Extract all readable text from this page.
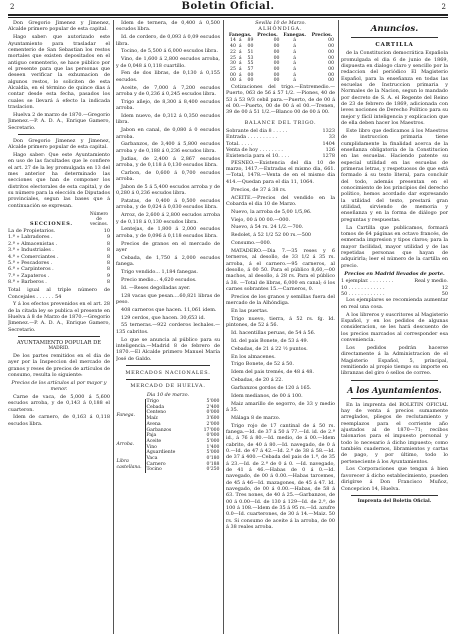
2	Boletin Oficial.	2

Don Gregorio Jimenez y Jimenez, Alcalde primero popular de esta capital.

Hago saber: que autorizado este Ayuntamiento para trasladar el cementerio de San Sebastian los restos mortales que existen depositados en el antiguo cementerio, se hace público por el presente para que las personas que deseen verificar la exhumacion de algunos restos, lo soliciten de esta Alcaldía, en el término de quince dias á contar desde esta fecha, pasados los cuales se llevará á efecto la indicada traslacion.

Huelva 2 de marzo de 1870.—Gregorio Jimenez.—P. A. D. A., Enrique Gamero, Secretario.

Don Gregorio Jimenez y Jimenez, Alcalde primero popular de esta capital.

Hago saber: Que este Ayuntamiento en uso de las facultades que le confiere el art. 27 de la ley promulgada en 13 del mes anterior ha determinado las secciones que han de componer los distritos electorales de esta capital, y de su número para la elección de Diputados provinciales, segun las bases que á continuación se expresan.

SECCIONES.
Número de vecinos.
La de Propietarios.	10
1.ª » Labradores .	9
2.ª » Almacenistas .	8
3.ª » Industriales .	8
4.ª » Comerciantes .	8
5.ª » Pescadores .	8
6.ª » Carpinteros .	8
7.ª » Zapateros .	9
8.ª » Barberos .	8

Total igual al triple número de Concejales . . . . . . 54

Y á los efectos prevenidos en el art. 28 de la citada ley se publica el presente en Huelva á 8 de Marzo de 1870.—Gregorio Jimenez.—P. A. D. A., Enrique Gamero, Secretario.

AYUNTAMIENTO POPULAR DE
MADRID.

De los partes remitidos en el dia de ayer por la Inspeccion del mercado de granos y reses de precios de artículos de consumo, resulta lo siguiente:

Precios de los artículos al por mayor y menor.

Carne de vaca, de 5,000 á 5,600 escudos arroba, y de 0,143 á 0,188 el cuarteron.

Idem de carnero, de 0,163 á 0,118 escudos libra.

Idem de ternera, de 0,400 á 0,500 escudos libra.

Id. de cordero, de 0,093 á 0,09 escudos libra.

Tocino, de 5,500 á 6,000 escudos libra.

Vino, de 1,600 á 2,800 escudos arroba, y de 0,048 á 0,118 cuartillo.

Fen de dos libras, de 0,130 á 0,155 escudos.

Aceite, de 7,000 á 7,200 escudos arroba y de 0,236 á 0,245 escudos libra.

Trigo añejo, de 8,300 á 8,400 escudos arroba.

Idem nuevo, de 0,312 á 0,350 escudos libra.

Jabon en canal, de 0,080 á 0 escudos arroba.

Garbanzos, de 3,400 á 5,800 escudos arroba y de 0,188 á 0,236 escudos libra.

Judias, de 2,400 á 2,867 escudos arroba, y de 0,118 á 0,130 escudos libra.

Carbon, de 0,600 á 0,700 escudos arroba.

Jabon de 5 á 5,400 escudos arroba y de 0,280 á 0,236 escudos libra.

Patatas, de 0,400 á 0,500 escudos arroba, y de 0,024 á 0,030 escudos libra.

Arroz, de 2,600 á 2,800 escudos arroba y de 0,118 á 0,130 escudos libra.

Lentejas, de 1,800 á 2,000 escudos arroba, y de 0,096 á 0,118 escudos libra.

Precios de granos en el mercado de ayer

Cebada, de 1,750 á 2,000 escudos fanega.

Trigo vendido... 1,184 fanegas.

Precio medio... 4,620 escudos.

Id. —Reses degolladas ayer.

128 vacas que pesan....60,821 libras de peso.

408 carneros que hacen. 11,061 idem.

129 cerdos, que hacen. 30,653 id.

55 terneras.—922 corderos lechales.—135 cabritos.

Lo que se anuncia al público para su inteligencia.—Madrid 8 de febrero de 1870.—El Alcalde primero Manuel María José de Galdo.

MERCADOS NACIONALES.
MERCADO DE HUELVA.
Dia 10 de marzo.
Fanega.	Trigo	5'000
	Cebada	2'400
	Centeno	0'000
	Maíz	3'600
	Avena	2'000
	Garbanzos	17'000
Arroba.	Paja	0'000
	Aceite	5'000
	Vino	1'400
	Aguardiente	5'000
Libra castellana.	Vaca	0'180
	Carnero	0'188
	Tocino	0'250
Sevilla 10 de Marzo.
ALHÓNDIGA.
Fanegas.			Precios.	Fanegas.	Precios.
14	á	89	00	á	00
40	á	00	00	á	00
22	á	51	00	á	00
25	á	53	00	á	00
30	á	55	00	á	00
25	á	57	00	á	00
00	á	00	00	á	00
00	á	00	00	á	00

Cotizaciones del trigo.—Entremedio.—Puerto, 063 de 56 á 57 1/2. —Piones, 40 de 53 á 53 9/3 cebil para.—Puerto, de de 00 á el 00.—Puerto, 00 de 00 á el 00.—Trenen, 39 de 00 á 51 1/2.—Blanco 00 de 00 á 00.

BALANCE DEL TRIGO.
Sobrante del dia 8 . . . . .	1323
Entrada . . . . . . . . . .	33
Total. . . . .	1404
Venta de hoy . . . . . . . .	126
Existencia para el 10. . . .	1278

PESNEO.—Existencia del dia 10 de marzo, 1417.—Entradas el mismo dia, 661.—Total, 1478.—Venta de en el mismo dia 414.—Quedan para el dia 11, 1064.

Precios, de 37 á 38 rs.

ACEITE.—Precios del vendido en la Cobarda el dia 10 de Marzo.

Nuevo, la arroba de 5,00 1/5,96.

Viejo, 00 á 00 00.—000.

Nuevo, á 54 rs. 24 1/2.—700.

Redolet, á 52 1/2 52 00 rs.—500

Consumo.—000.

MATADERO.—Dia 7.—35 reses y 6 terneros, al desollo, de 33 1/2 á 35 rs. arroba, á el carnero.—95 carneros, al desollo, á 00 50. Para el público 8,60,—00 machos, al desollo, á 28 rs. Para el público á 38. —Total de libras, 6,000 en canal; ó los carnes sobrantes 15.—Carneros, 0.

Precios de los granos y semillas fuera del mercado de la Alhóndiga.

En las puertas.

Trigo nuevo, tierra, á 52 rs. fg. Id. pintones, de 52 á 56.

Id. hacentillas peruas, de 54 á 56.

Id. del pais Bonete, de 53 á 49.

Cebadas, de 21 á 22 ½ puntos.

En los almacenes.

Trigo Bonete, de 52 á 50.

Idem del pais tremés, de 48 á 48.

Cebadas, de 20 á 22.

Garbanzos gordos de 120 á 165.

Idem medianos, de 00 á 100.

Maiz amarillo de segorro, de 33 y medio á 35.

Málaga 8 de marzo.

Trigo rojo de 17 cantinal de á 50 rs. fanega.—Id. de 37 á 50 á 77.—Id. id. de 2.ª id., á 76 á 80.—Id. medio, de á 00.—Idem cabrito, de 40 á 80.—Id. navegado, de 0 á 0.—Id. de 47 á 42.—Id. 2.ª de 38 á 58.—Id. de 37 á 400.—Cebada del pais de 1.ª, de 35 á 23.—Id. de 2.ª de 0 á 0. —Id. navegado, de 41 á 46.—Habas de 0 á 0.—Id. navegado, de 00 á 0.00.—Habas tarcemes, de 45 á 46—Id. mazagones, de 45 á 47. Id. navegado, de 00 á 0.00.—Habas, de 58 á 63. Tres nones, de 40 á 25.—Garbanzos, de 00 á 0.00—Id. de 130 á 129—Id. de 2.ª, de 100 á 108.—Idem de 35 á 95 rs.—Id. azufre 0.0—Id. cuarterones, de 30 á 14.—Maiz. 50 rs. Si consumo de aceite á la arroba, de 00 á 38 reales arroba.

Anuncios.
CARTILLA

de la Constitucion democrática Española promulgada el dia 6 de junio de 1869, dispuesta en dialogo claro y sencillo por la redaccion del periódico El Magisterio Español, para la enseñanza en todas las escuelas de Instruccion primaria y Normales de la Nacion, segun lo mandado por decreto de S. A. el Regente del Reino de 23 de febrero de 1869, adicionada con leves nociones de Derecho Político para su mejor y fácil inteligencia y explicacion que de ella deben hacer los Maestros.

Este libro que dedicamos á los Maestros de instruccion primaria tiene cumplidamente la finalidad acerca de la enseñanza obligatoria de la Constitucion en las escuelas. Haciendo patente su especial utilidad en las escuelas de primeras letras, y respetuosos de que está formado á su texto literal, para concluir del todo, además presentan en el conocimiento de los principios del derecho político, hemos acordado dar expresando la utilidad del texto, prestará gran utilidad, sirviendo de memoria y enseñanza y en la forma de diálogo por preguntas y respuestas.

La Cartilla que publicamos, formará tomos de 64 páginas en octavo francés, de esmerada impresion y tipos claros; para la mayor facilidad, mayor utilidad y de las repetidas personas que hayan de adquirirla; leer el número de la cartilla en precio.

Precios en Madrid llevados de porte.

1 ejemplar. . . . . . . . .	Real y medio.
10 . . . . . . . . . . . .	12
50 . . . . . . . . . . . .	50

Los ejemplares se recomienda aumentar en real una cosa.

A los libreros y suscritores al Magisterio Español, y en los pedidos de algunas consideracion, se les hará descuento de los precios marcados al corresponder esa conveniencia.

Los pedidos podrán hacerse directamente á la Administracion de el Magisterio Español, 5, principal, remitiendo al propio tiempo su importe en libranzas del giro ó sellos de correo.

A los Ayuntamientos.

En la imprenta del BOLETIN OFICIAL hay de venta á precios sumamente arreglados, pliegos de reclutamiento y reemplazos para el corriente año ajustados al de 1870—71; recibos talonarios para el impuesto personal y todo lo necesario á dicho impuesto; como también cuadernos, libramientos y cartas de pago, y por último, todo lo perteneciente á los Ayuntamientos.

Los Corporaciones que tengan á bien favorecer á dicho establecimiento, pueden dirigirse á Don Francisco Muñoz, Concepcion 14, Huelva.

Imprenta del Boletin Oficial.
